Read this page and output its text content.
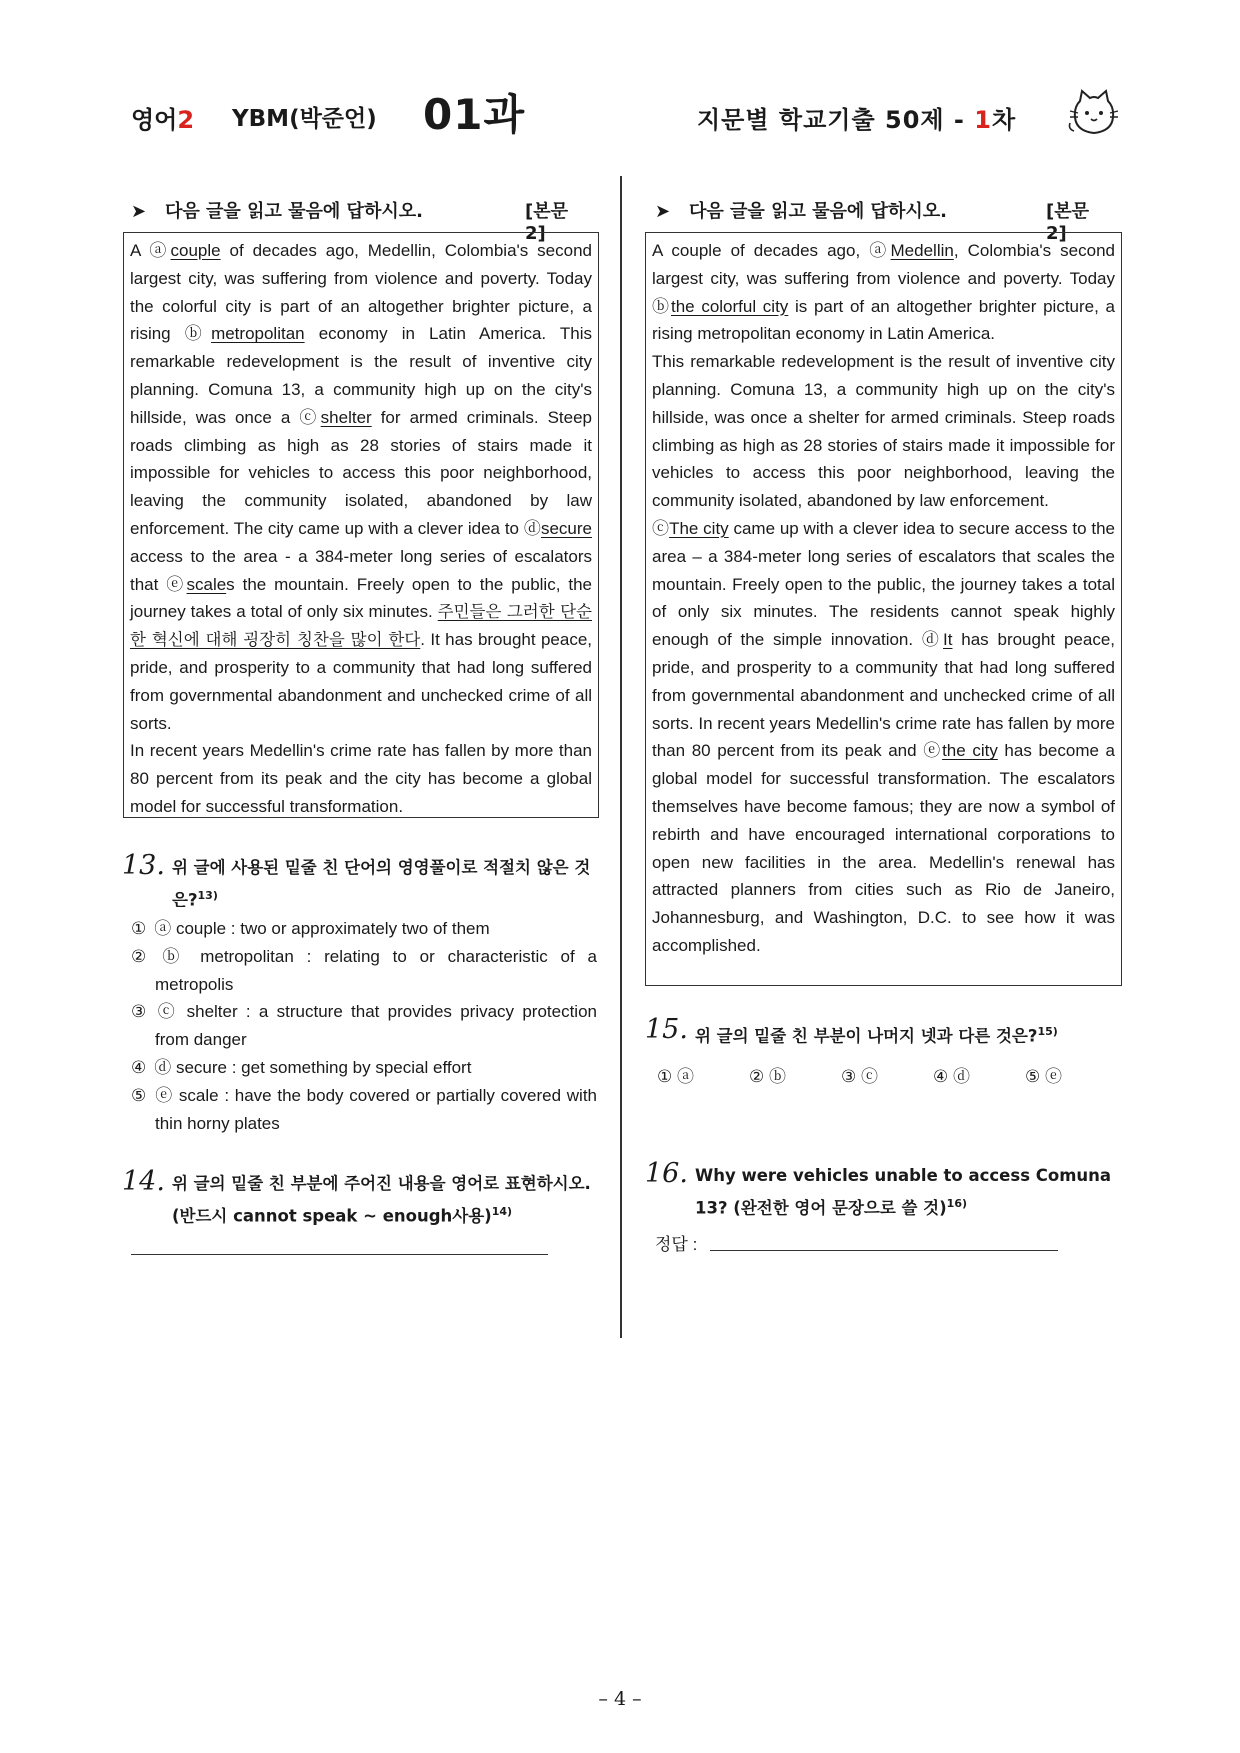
영어2 YBM(박준언) 01과	지문별 학교기출 50제 - 1차
➤ 다음 글을 읽고 물음에 답하시오.	[본문2]

A ⓐcouple of decades ago, Medellin, Colombia's second largest city, was suffering from violence and poverty. Today the colorful city is part of an altogether brighter picture, a rising ⓑmetropolitan economy in Latin America. This remarkable redevelopment is the result of inventive city planning. Comuna 13, a community high up on the city's hillside, was once a ⓒshelter for armed criminals. Steep roads climbing as high as 28 stories of stairs made it impossible for vehicles to access this poor neighborhood, leaving the community isolated, abandoned by law enforcement. The city came up with a clever idea to ⓓsecure access to the area - a 384-meter long series of escalators that ⓔscales the mountain. Freely open to the public, the journey takes a total of only six minutes. 주민들은 그러한 단순한 혁신에 대해 굉장히 칭찬을 많이 한다. It has brought peace, pride, and prosperity to a community that had long suffered from governmental abandonment and unchecked crime of all sorts.

In recent years Medellin's crime rate has fallen by more than 80 percent from its peak and the city has become a global model for successful transformation.

13. 위 글에 사용된 밑줄 친 단어의 영영풀이로 적절치 않은 것은?$^{13)}$
① ⓐ couple : two or approximately two of them
② ⓑ metropolitan : relating to or characteristic of a metropolis
③ ⓒ shelter : a structure that provides privacy protection from danger
④ ⓓ secure : get something by special effort
⑤ ⓔ scale : have the body covered or partially covered with thin horny plates
14. 위 글의 밑줄 친 부분에 주어진 내용을 영어로 표현하시오. (반드시 cannot speak ~ enough사용)$^{14)}$
➤ 다음 글을 읽고 물음에 답하시오.	[본문2]

A couple of decades ago, ⓐMedellin, Colombia's second largest city, was suffering from violence and poverty. Today ⓑthe colorful city is part of an altogether brighter picture, a rising metropolitan economy in Latin America.

This remarkable redevelopment is the result of inventive city planning. Comuna 13, a community high up on the city's hillside, was once a shelter for armed criminals. Steep roads climbing as high as 28 stories of stairs made it impossible for vehicles to access this poor neighborhood, leaving the community isolated, abandoned by law enforcement.

ⓒThe city came up with a clever idea to secure access to the area – a 384-meter long series of escalators that scales the mountain. Freely open to the public, the journey takes a total of only six minutes. The residents cannot speak highly enough of the simple innovation. ⓓIt has brought peace, pride, and prosperity to a community that had long suffered from governmental abandonment and unchecked crime of all sorts. In recent years Medellin's crime rate has fallen by more than 80 percent from its peak and ⓔthe city has become a global model for successful transformation. The escalators themselves have become famous; they are now a symbol of rebirth and have encouraged international corporations to open new facilities in the area. Medellin's renewal has attracted planners from cities such as Rio de Janeiro, Johannesburg, and Washington, D.C. to see how it was accomplished.

15. 위 글의 밑줄 친 부분이 나머지 넷과 다른 것은?$^{15)}$
① ⓐ	② ⓑ	③ ⓒ	④ ⓓ	⑤ ⓔ
16. Why were vehicles unable to access Comuna 13? (완전한 영어 문장으로 쓸 것)$^{16)}$
정답 :
– 4 –
